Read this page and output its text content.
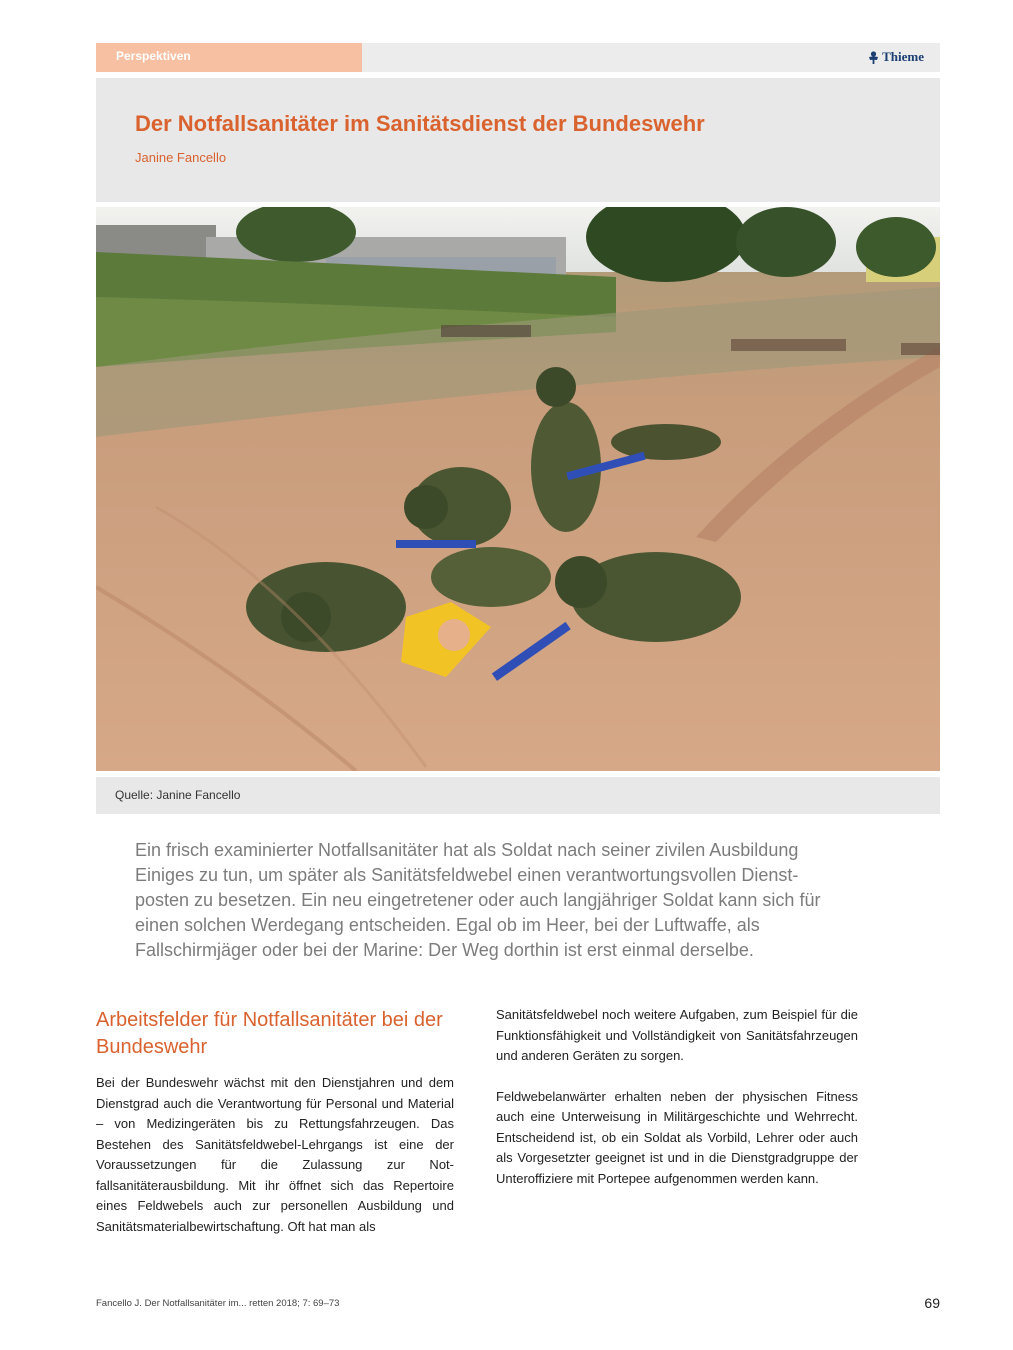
Perspektiven	Thieme
Der Notfallsanitäter im Sanitätsdienst der Bundeswehr
Janine Fancello
Quelle: Janine Fancello

Ein frisch examinierter Notfallsanitäter hat als Soldat nach seiner zivilen Ausbildung Einiges zu tun, um später als Sanitätsfeldwebel einen verantwortungsvollen Dienstposten zu besetzen. Ein neu eingetretener oder auch langjähriger Soldat kann sich für einen solchen Werdegang entscheiden. Egal ob im Heer, bei der Luftwaffe, als Fallschirmjäger oder bei der Marine: Der Weg dorthin ist erst einmal derselbe.

Arbeitsfelder für Notfallsanitäter bei der Bundeswehr

Bei der Bundeswehr wächst mit den Dienstjahren und dem Dienstgrad auch die Verantwortung für Personal und Material – von Medizingeräten bis zu Rettungsfahrzeugen. Das Bestehen des Sanitätsfeldwebel-Lehrgangs ist eine der Voraussetzungen für die Zulassung zur Notfallsanitäterausbildung. Mit ihr öffnet sich das Repertoire eines Feldwebels auch zur personellen Ausbildung und Sanitätsmaterialbewirtschaftung. Oft hat man als

Sanitätsfeldwebel noch weitere Aufgaben, zum Beispiel für die Funktionsfähigkeit und Vollständigkeit von Sanitätsfahrzeugen und anderen Geräten zu sorgen.

Feldwebelanwärter erhalten neben der physischen Fitness auch eine Unterweisung in Militärgeschichte und Wehrrecht. Entscheidend ist, ob ein Soldat als Vorbild, Lehrer oder auch als Vorgesetzter geeignet ist und in die Dienstgradgruppe der Unteroffiziere mit Portepee aufgenommen werden kann.

Fancello J. Der Notfallsanitäter im... retten 2018; 7: 69–73	69
